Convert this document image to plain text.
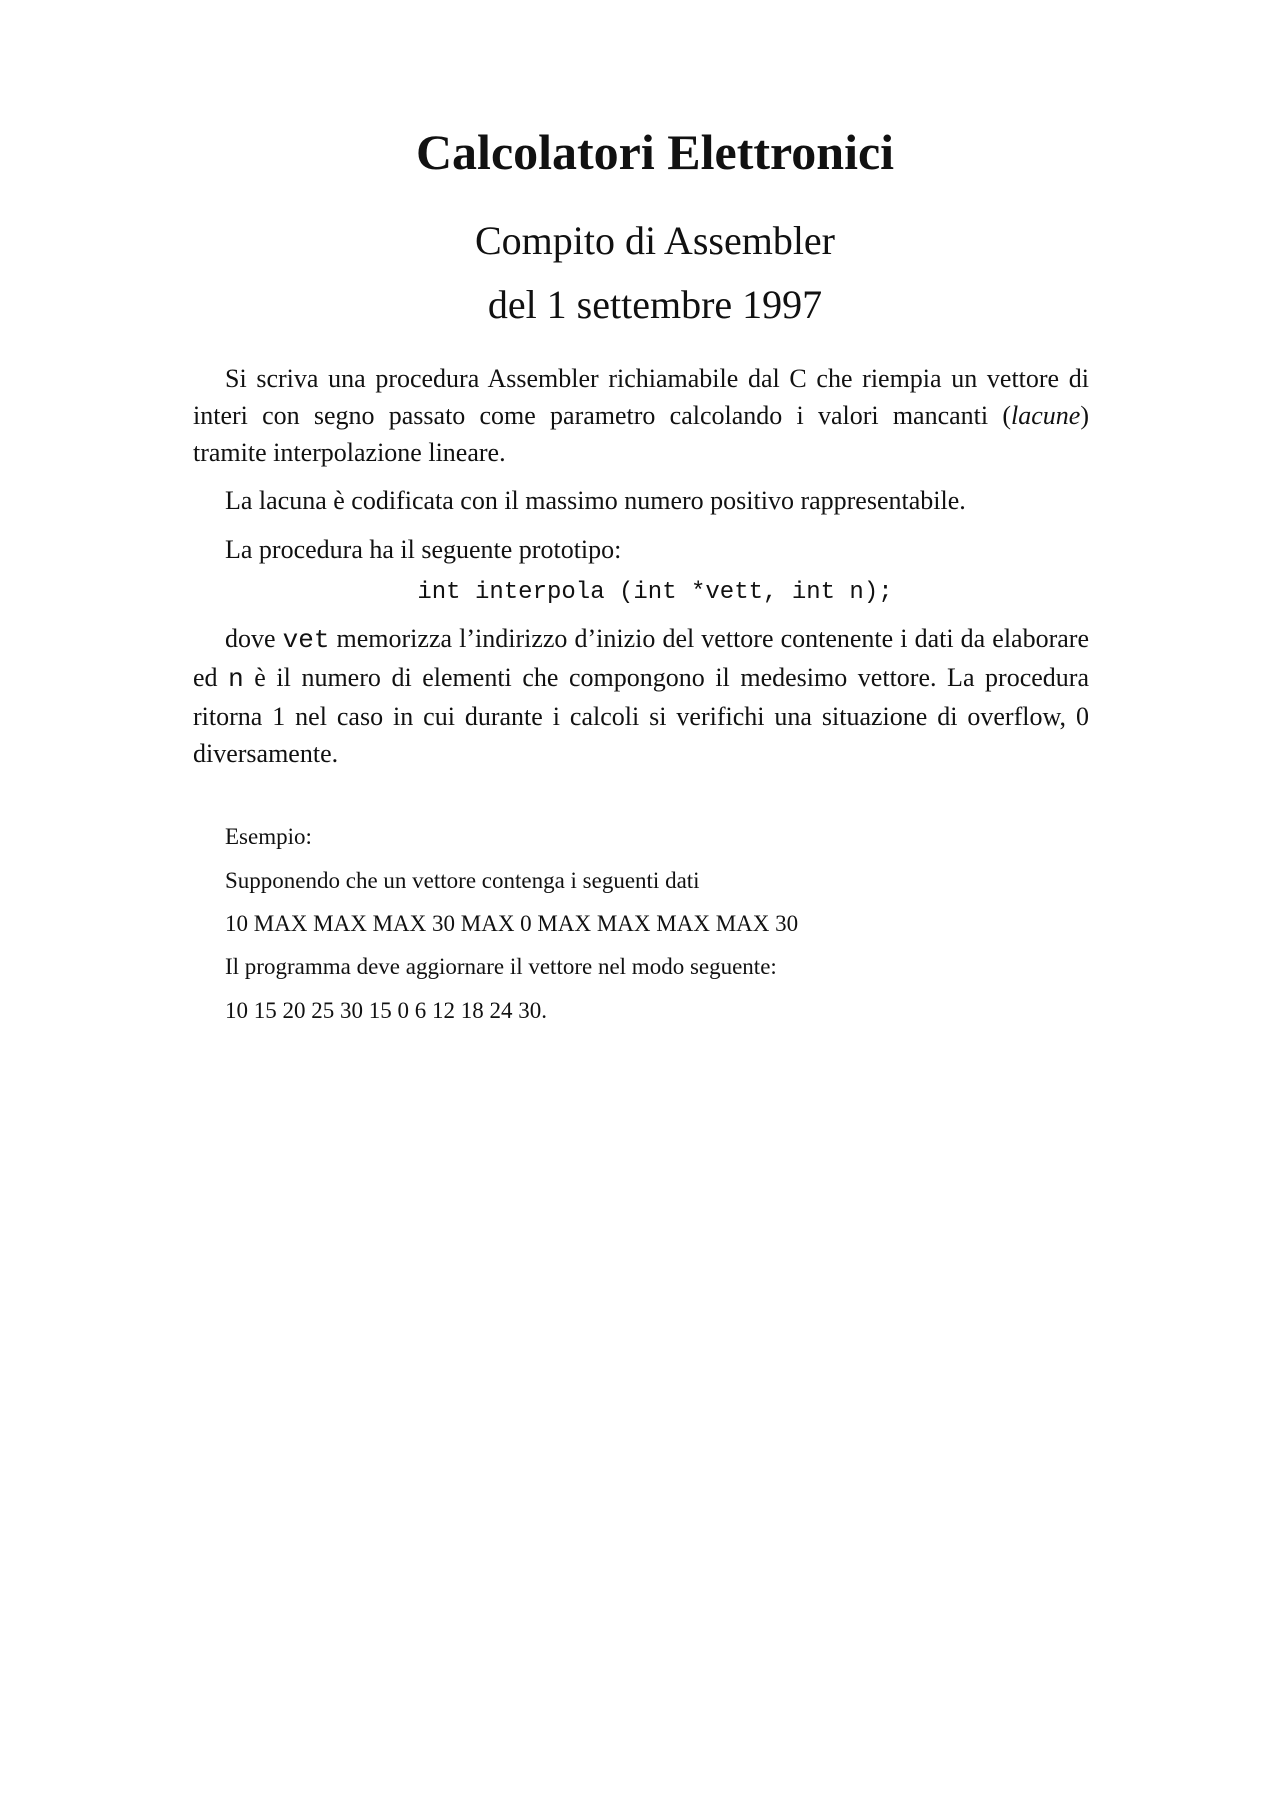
Calcolatori Elettronici
Compito di Assembler
del 1 settembre 1997

Si scriva una procedura Assembler richiamabile dal C che riempia un vettore di interi con segno passato come parametro calcolando i valori mancanti (lacune) tramite interpolazione lineare.

La lacuna è codificata con il massimo numero positivo rappresentabile.

La procedura ha il seguente prototipo:

int interpola (int *vett, int n);

dove vet memorizza l’indirizzo d’inizio del vettore contenente i dati da elaborare ed n è il numero di elementi che compongono il medesimo vettore. La procedura ritorna 1 nel caso in cui durante i calcoli si verifichi una situazione di overflow, 0 diversamente.

Esempio:
Supponendo che un vettore contenga i seguenti dati
10 MAX MAX MAX 30 MAX 0 MAX MAX MAX MAX 30
Il programma deve aggiornare il vettore nel modo seguente:
10 15 20 25 30 15 0 6 12 18 24 30.
